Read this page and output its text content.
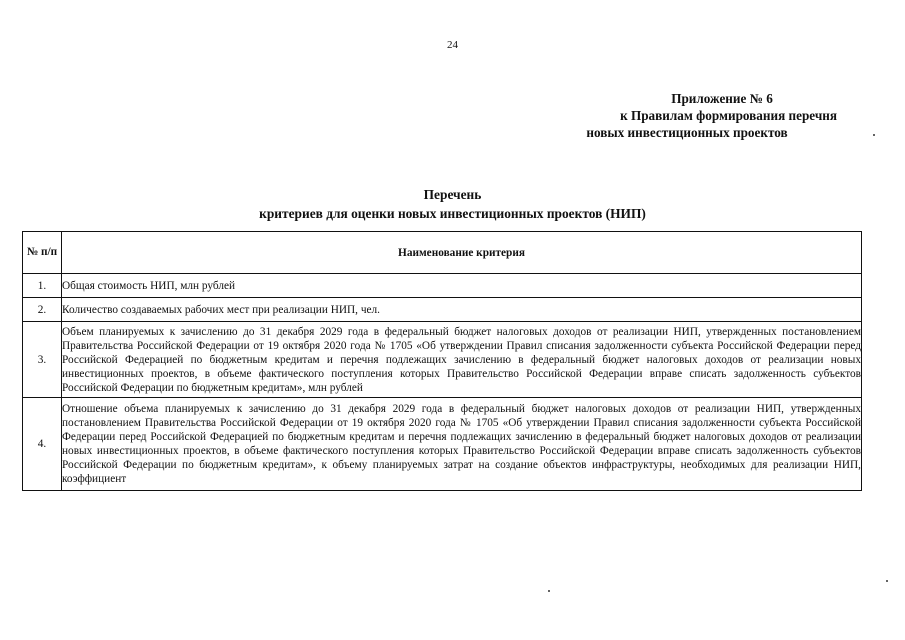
24
Приложение № 6
к Правилам формирования перечня
новых инвестиционных проектов
Перечень
критериев для оценки новых инвестиционных проектов (НИП)
№ п/п	Наименование критерия
1.	Общая стоимость НИП, млн рублей
2.	Количество создаваемых рабочих мест при реализации НИП, чел.
3.	Объем планируемых к зачислению до 31 декабря 2029 года в федеральный бюджет налоговых доходов от реализации НИП, утвержденных постановлением Правительства Российской Федерации от 19 октября 2020 года № 1705 «Об утверждении Правил списания задолженности субъекта Российской Федерации перед Российской Федерацией по бюджетным кредитам и перечня подлежащих зачислению в федеральный бюджет налоговых доходов от реализации новых инвестиционных проектов, в объеме фактического поступления которых Правительство Российской Федерации вправе списать задолженность субъектов Российской Федерации по бюджетным кредитам», млн рублей
4.	Отношение объема планируемых к зачислению до 31 декабря 2029 года в федеральный бюджет налоговых доходов от реализации НИП, утвержденных постановлением Правительства Российской Федерации от 19 октября 2020 года № 1705 «Об утверждении Правил списания задолженности субъекта Российской Федерации перед Российской Федерацией по бюджетным кредитам и перечня подлежащих зачислению в федеральный бюджет налоговых доходов от реализации новых инвестиционных проектов, в объеме фактического поступления которых Правительство Российской Федерации вправе списать задолженность субъектов Российской Федерации по бюджетным кредитам», к объему планируемых затрат на создание объектов инфраструктуры, необходимых для реализации НИП, коэффициент
